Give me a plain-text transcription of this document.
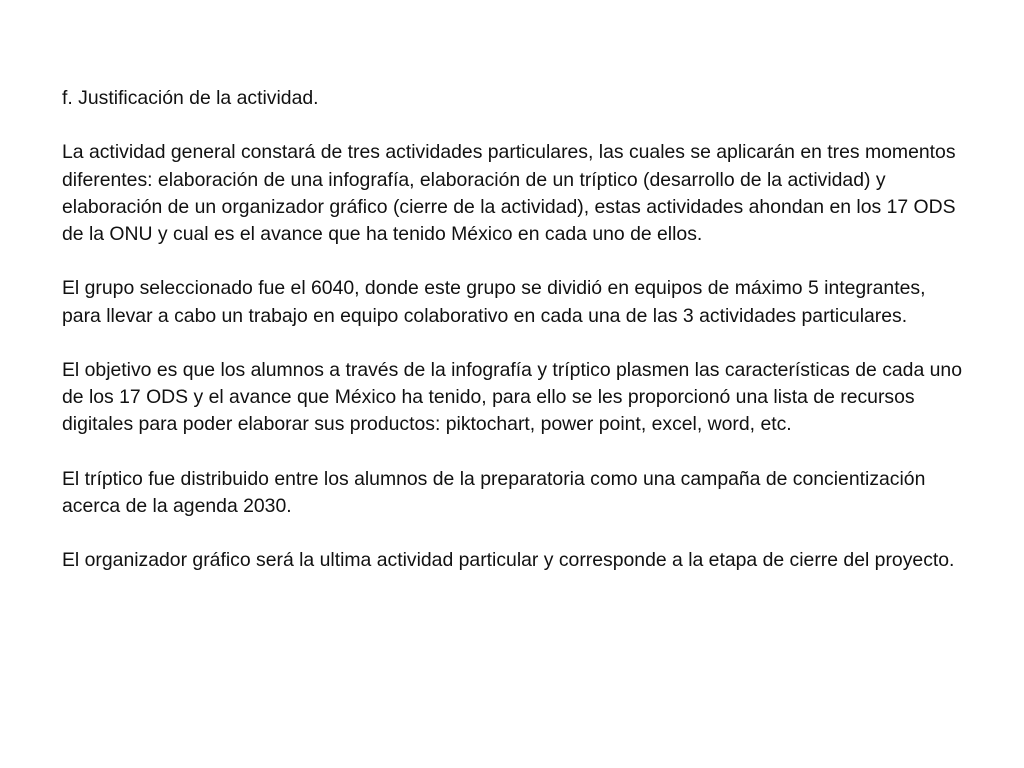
f. Justificación de la actividad.

La actividad general constará de tres actividades particulares, las cuales se aplicarán en tres momentos diferentes: elaboración de una infografía, elaboración de un tríptico (desarrollo de la actividad) y elaboración de un organizador gráfico (cierre de la actividad), estas actividades ahondan en los 17 ODS de la ONU y cual es el avance que ha tenido México en cada uno de ellos.

El grupo seleccionado fue el 6040, donde este grupo se dividió en equipos de máximo 5 integrantes, para llevar a cabo un trabajo en equipo colaborativo en cada una de las 3 actividades particulares.

El objetivo es que los alumnos a través de la infografía y tríptico plasmen las características de cada uno de los 17 ODS y el avance que México ha tenido, para ello se les proporcionó una lista de recursos digitales para poder elaborar sus productos: piktochart, power point, excel, word, etc.

El tríptico fue distribuido entre los alumnos de la preparatoria como una campaña de concientización acerca de la agenda 2030.

El organizador gráfico será la ultima actividad particular y corresponde a la etapa de cierre del proyecto.
